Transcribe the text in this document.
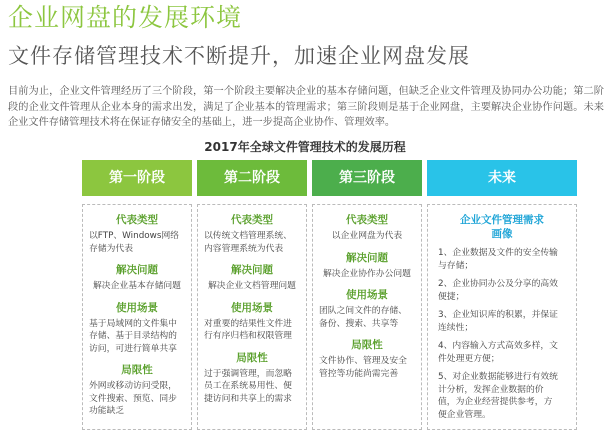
企业网盘的发展环境
文件存储管理技术不断提升，加速企业网盘发展
目前为止，企业文件管理经历了三个阶段，第一个阶段主要解决企业的基本存储问题，但缺乏企业文件管理及协同办公功能；第二阶段的企业文件管理从企业本身的需求出发，满足了企业基本的管理需求；第三阶段则是基于企业网盘，主要解决企业协作问题。未来企业文件存储管理技术将在保证存储安全的基础上，进一步提高企业协作、管理效率。
2017年全球文件管理技术的发展历程
第一阶段
代表类型
以FTP、Windows网络存储为代表
解决问题
解决企业基本存储问题
使用场景
基于局域网的文件集中存储、基于目录结构的访问，可进行简单共享
局限性
外网或移动访问受限，文件搜索、预览、同步功能缺乏
第二阶段
代表类型
以传统文档管理系统、内容管理系统为代表
解决问题
解决企业文档管理问题
使用场景
对重要的结果性文件进行有序归档和权限管理
局限性
过于强调管理，而忽略员工在系统易用性、便捷访问和共享上的需求
第三阶段
代表类型
以企业网盘为代表
解决问题
解决企业协作办公问题
使用场景
团队之间文件的存储、备份、搜索、共享等
局限性
文件协作、管理及安全管控等功能尚需完善
未来
企业文件管理需求画像
1、企业数据及文件的安全传输与存储；
2、企业协同办公及分享的高效便捷；
3、企业知识库的积累，并保证连续性；
4、内容输入方式高效多样，文件处理更方便；
5、对企业数据能够进行有效统计分析，发挥企业数据的价值，为企业经营提供参考，方便企业管理。
